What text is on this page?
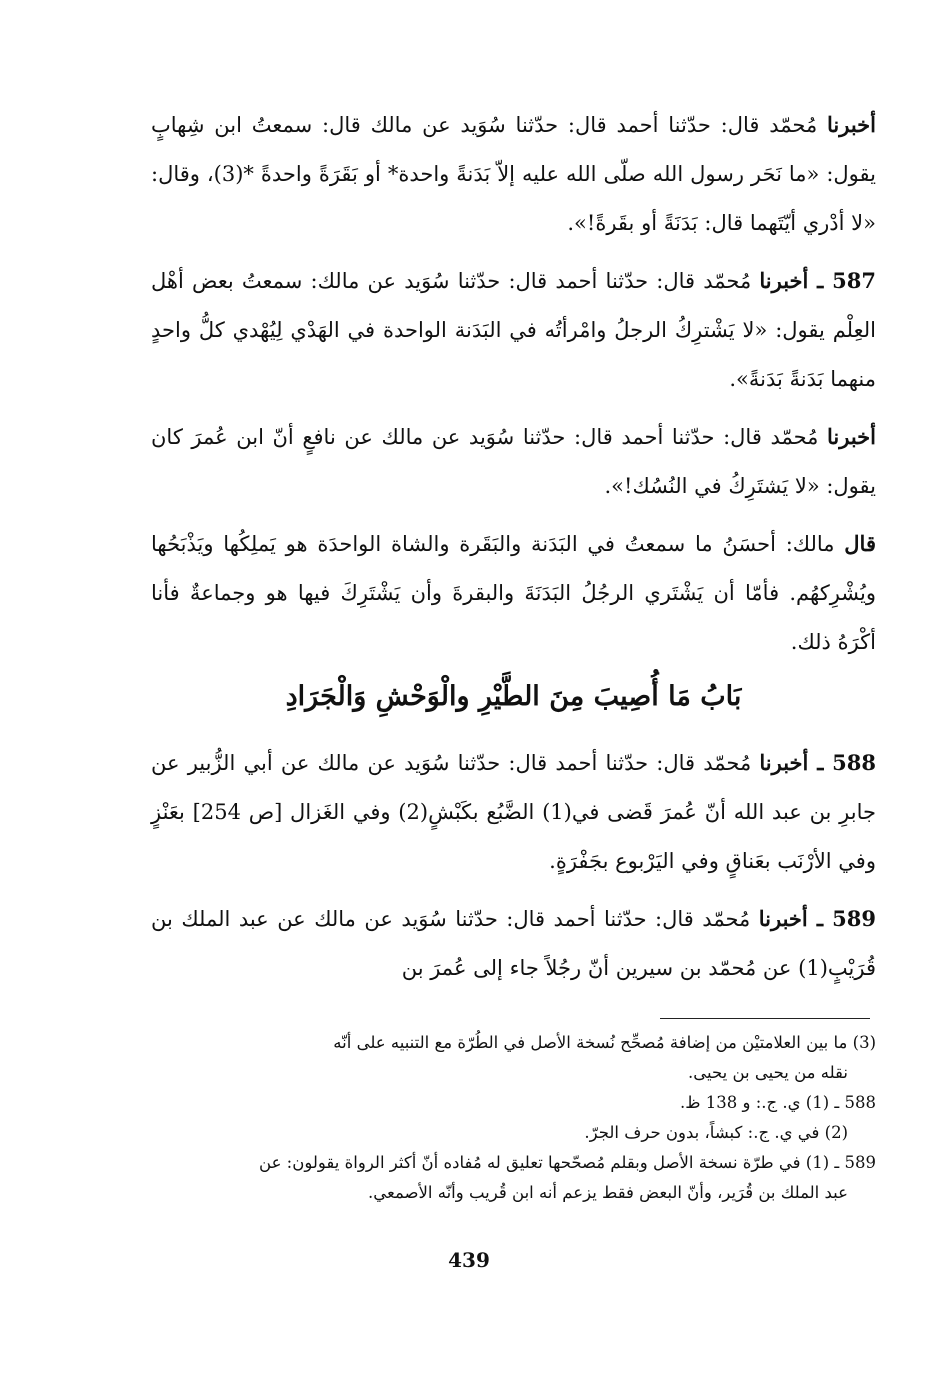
أخبرنا مُحمّد قال: حدّثنا أحمد قال: حدّثنا سُوَيد عن مالك قال: سمعتُ ابن شِهابٍ يقول: «ما نَحَر رسول الله صلّى الله عليه إلاّ بَدَنةً واحدة* أو بَقَرَةً واحدةً *(3)، وقال: «لا أدْري أيّتَهما قال: بَدَنَةً أو بقَرةً!».

587 ـ أخبرنا مُحمّد قال: حدّثنا أحمد قال: حدّثنا سُوَيد عن مالك: سمعتُ بعض أهْل العِلْم يقول: «لا يَشْترِكُ الرجلُ وامْرأتُه في البَدَنة الواحدة في الهَدْي لِيُهْدي كلُّ واحدٍ منهما بَدَنةً بَدَنةً».

أخبرنا مُحمّد قال: حدّثنا أحمد قال: حدّثنا سُوَيد عن مالك عن نافعٍ أنّ ابن عُمرَ كان يقول: «لا يَشتَرِكُ في النُسُك!».

قال مالك: أحسَنُ ما سمعتُ في البَدَنة والبَقَرة والشاة الواحدَة هو يَملِكُها ويَذْبَحُها ويُشْرِكهُم. فأمّا أن يَشْتَري الرجُلُ البَدَنَةَ والبقرةَ وأن يَشْتَرِكَ فيها هو وجماعةٌ فأنا أكْرَهُ ذلك.

بَابُ مَا أُصِيبَ مِنَ الطَّيْرِ والْوَحْشِ وَالْجَرَادِ

588 ـ أخبرنا مُحمّد قال: حدّثنا أحمد قال: حدّثنا سُوَيد عن مالك عن أبي الزُّبير عن جابرِ بن عبد الله أنّ عُمرَ قَضى في(1) الضَّبُع بكَبْشٍ(2) وفي الغَزال [ص 254] بعَنْزٍ وفي الأرْنَب بعَناقٍ وفي اليَرْبوع بجَفْرَةٍ.

589 ـ أخبرنا مُحمّد قال: حدّثنا أحمد قال: حدّثنا سُوَيد عن مالك عن عبد الملك بن قُرَيْبٍ(1) عن مُحمّد بن سيرين أنّ رجُلاً جاء إلى عُمرَ بن

(3) ما بين العلامتيْن من إضافة مُصحِّح نُسخة الأصل في الطُرّة مع التنبيه على أنّه

نقله من يحيى بن يحيى.

588 ـ (1) ي. ج.: و 138 ظ.

(2) في ي. ج.: كبشاً، بدون حرف الجرّ.

589 ـ (1) في طرّة نسخة الأصل وبقلم مُصحّحها تعليق له مُفاده أنّ أكثر الرواة يقولون: عن

عبد الملك بن قُرَير، وأنّ البعض فقط يزعم أنه ابن قُريب وأنّه الأصمعي.

439
